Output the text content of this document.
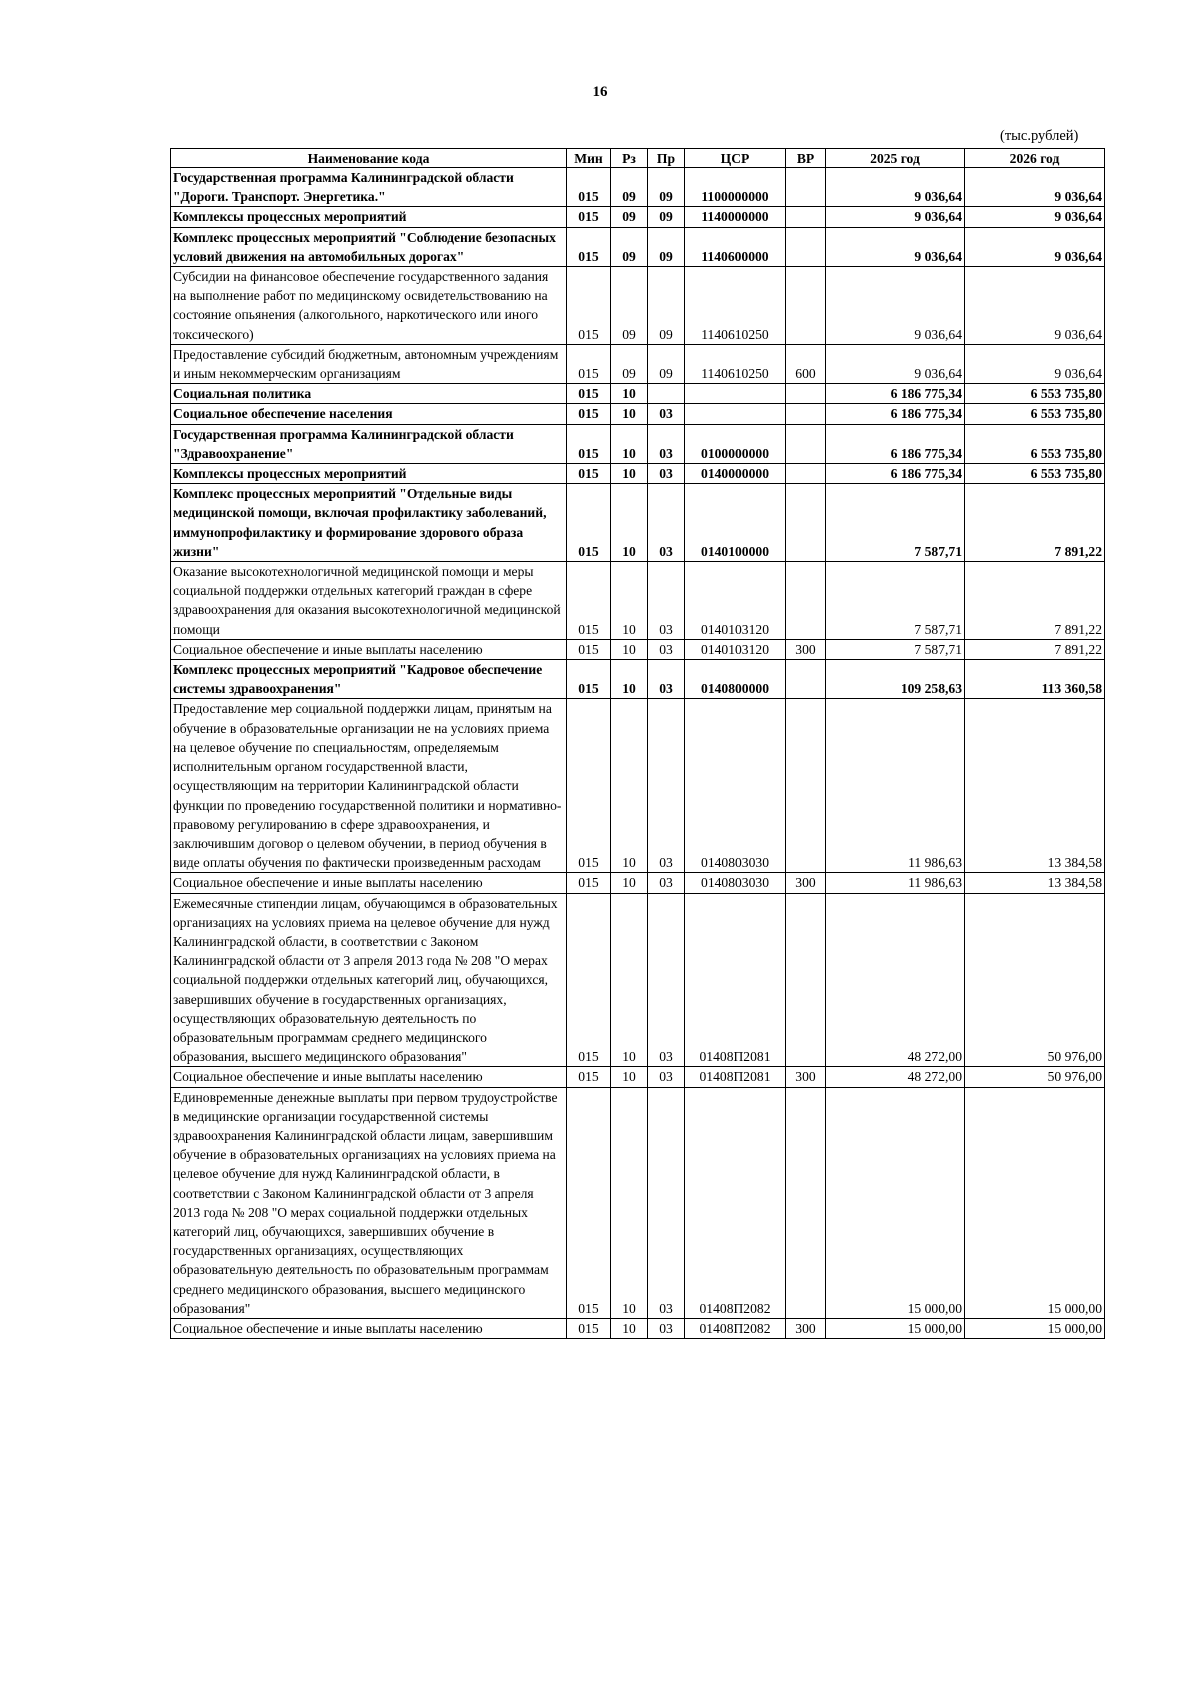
16
(тыс.рублей)
Наименование кода	Мин	Рз	Пр	ЦСР	ВР	2025 год	2026 год
Государственная программа Калининградской области "Дороги. Транспорт. Энергетика."	015	09	09	1100000000		9 036,64	9 036,64
Комплексы процессных мероприятий	015	09	09	1140000000		9 036,64	9 036,64
Комплекс процессных мероприятий "Соблюдение безопасных условий движения на автомобильных дорогах"	015	09	09	1140600000		9 036,64	9 036,64
Субсидии на финансовое обеспечение государственного задания на выполнение работ по медицинскому освидетельствованию на состояние опьянения (алкогольного, наркотического или иного токсического)	015	09	09	1140610250		9 036,64	9 036,64
Предоставление субсидий бюджетным, автономным учреждениям и иным некоммерческим организациям	015	09	09	1140610250	600	9 036,64	9 036,64
Социальная политика	015	10				6 186 775,34	6 553 735,80
Социальное обеспечение населения	015	10	03			6 186 775,34	6 553 735,80
Государственная программа Калининградской области "Здравоохранение"	015	10	03	0100000000		6 186 775,34	6 553 735,80
Комплексы процессных мероприятий	015	10	03	0140000000		6 186 775,34	6 553 735,80
Комплекс процессных мероприятий "Отдельные виды медицинской помощи, включая профилактику заболеваний, иммунопрофилактику и формирование здорового образа жизни"	015	10	03	0140100000		7 587,71	7 891,22
Оказание высокотехнологичной медицинской помощи и меры социальной поддержки отдельных категорий граждан в сфере здравоохранения для оказания высокотехнологичной медицинской помощи	015	10	03	0140103120		7 587,71	7 891,22
Социальное обеспечение и иные выплаты населению	015	10	03	0140103120	300	7 587,71	7 891,22
Комплекс процессных мероприятий "Кадровое обеспечение системы здравоохранения"	015	10	03	0140800000		109 258,63	113 360,58
Предоставление мер социальной поддержки лицам, принятым на обучение в образовательные организации не на условиях приема на целевое обучение по специальностям, определяемым исполнительным органом государственной власти, осуществляющим на территории Калининградской области функции по проведению государственной политики и нормативно-правовому регулированию в сфере здравоохранения, и заключившим договор о целевом обучении, в период обучения в виде оплаты обучения по фактически произведенным расходам	015	10	03	0140803030		11 986,63	13 384,58
Социальное обеспечение и иные выплаты населению	015	10	03	0140803030	300	11 986,63	13 384,58
Ежемесячные стипендии лицам, обучающимся в образовательных организациях на условиях приема на целевое обучение для нужд Калининградской области, в соответствии с Законом Калининградской области от 3 апреля 2013 года № 208 "О мерах социальной поддержки отдельных категорий лиц, обучающихся, завершивших обучение в государственных организациях, осуществляющих образовательную деятельность по образовательным программам среднего медицинского образования, высшего медицинского образования"	015	10	03	01408П2081		48 272,00	50 976,00
Социальное обеспечение и иные выплаты населению	015	10	03	01408П2081	300	48 272,00	50 976,00
Единовременные денежные выплаты при первом трудоустройстве в медицинские организации государственной системы здравоохранения Калининградской области лицам, завершившим обучение в образовательных организациях на условиях приема на целевое обучение для нужд Калининградской области, в соответствии с Законом Калининградской области от 3 апреля 2013 года № 208 "О мерах социальной поддержки отдельных категорий лиц, обучающихся, завершивших обучение в государственных организациях, осуществляющих образовательную деятельность по образовательным программам среднего медицинского образования, высшего медицинского образования"	015	10	03	01408П2082		15 000,00	15 000,00
Социальное обеспечение и иные выплаты населению	015	10	03	01408П2082	300	15 000,00	15 000,00
